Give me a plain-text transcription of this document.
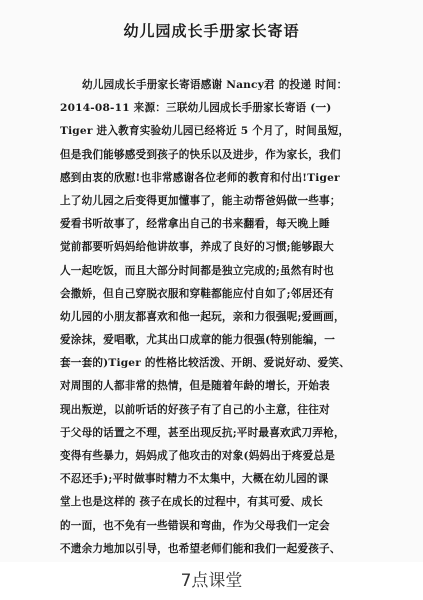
幼儿园成长手册家长寄语
幼儿园成长手册家长寄语感谢 Nancy君 的投递 时间：
2014-08-11 来源：三联幼儿园成长手册家长寄语 (一)
Tiger 进入教育实验幼儿园已经将近 5 个月了，时间虽短，
但是我们能够感受到孩子的快乐以及进步，作为家长，我们
感到由衷的欣慰!也非常感谢各位老师的教育和付出!Tiger
上了幼儿园之后变得更加懂事了，能主动帮爸妈做一些事；
爱看书听故事了，经常拿出自己的书来翻看，每天晚上睡
觉前都要听妈妈给他讲故事，养成了良好的习惯;能够跟大
人一起吃饭，而且大部分时间都是独立完成的;虽然有时也
会撒娇，但自己穿脱衣服和穿鞋都能应付自如了;邻居还有
幼儿园的小朋友都喜欢和他一起玩，亲和力很强呢;爱画画，
爱涂抹，爱唱歌，尤其出口成章的能力很强(特别能编，一
套一套的)Tiger 的性格比较活泼、开朗、爱说好动、爱笑、
对周围的人都非常的热情，但是随着年龄的增长，开始表
现出叛逆，以前听话的好孩子有了自己的小主意，往往对
于父母的话置之不理，甚至出现反抗;平时最喜欢武刀弄枪，
变得有些暴力，妈妈成了他攻击的对象(妈妈出于疼爱总是
不忍还手);平时做事时精力不太集中，大概在幼儿园的课
堂上也是这样的 孩子在成长的过程中，有其可爱、成长
的一面，也不免有一些错误和弯曲，作为父母我们一定会
不遗余力地加以引导，也希望老师们能和我们一起爱孩子、

7点课堂
